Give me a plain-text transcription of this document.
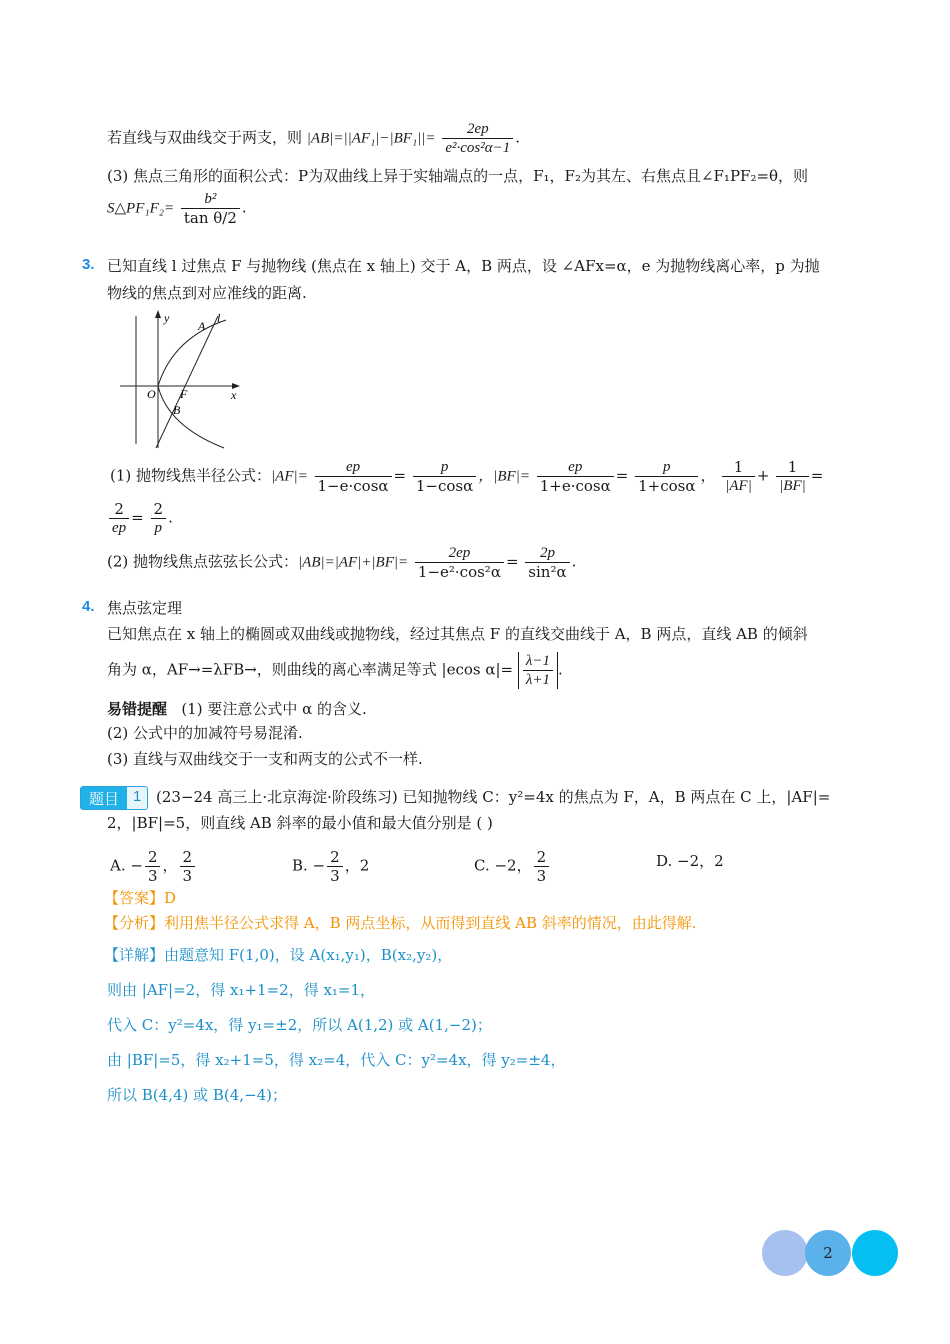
若直线与双曲线交于两支，则 $|AB|=||AF_1|-|BF_1||= \frac{2ep}{\text{e²·cos²α−1}}$ .
(3) 焦点三角形的面积公式：P为双曲线上异于实轴端点的一点，F₁，F₂为其左、右焦点且∠F₁PF₂=θ，则
S△PF₁F₂= $\frac{\text{b²}}{\text{tan θ/2}}$ .
3. 已知直线 l 过焦点 F 与抛物线 (焦点在 x 轴上) 交于 A，B 两点，设 ∠AFx=α，e 为抛物线离心率，p 为抛
物线的焦点到对应准线的距离.
y
x
O F
A
B
l
(1) 抛物线焦半径公式：$|AF|= \frac{ep}{1-e\cdot\cos\alpha} = \frac{p}{1-\cos\alpha}$ ，$|BF|= \frac{ep}{1+e\cdot\cos\alpha} = \frac{p}{1+\cos\alpha}$ ， $\frac{1}{|AF|} + \frac{1}{|BF|}$ =
$\frac{2}{ep} = \frac{2}{p}$ .
(2) 抛物线焦点弦弦长公式：$|AB|=|AF|+|BF|= \frac{2ep}{\text{1−e²·cos²α}} = \frac{2p}{\text{sin²α}}$ .
4. 焦点弦定理
已知焦点在 x 轴上的椭圆或双曲线或抛物线，经过其焦点 F 的直线交曲线于 A，B 两点，直线 AB 的倾斜
角为 α，AF→=λFB→，则曲线的离心率满足等式 |ecos $\alpha|= \frac{\lambda-1}{\lambda+1}$ .
易错提醒 (1) 要注意公式中 α 的含义.
(2) 公式中的加减符号易混淆.
(3) 直线与双曲线交于一支和两支的公式不一样.
题目 1 (23−24 高三上·北京海淀·阶段练习) 已知抛物线 C：y²=4x 的焦点为 F，A，B 两点在 C 上，|AF|=
2，|BF|=5，则直线 AB 斜率的最小值和最大值分别是 ( )
A. − $\frac{2}{3}$ ， $\frac{2}{3}$	B. − $\frac{2}{3}$ ，2	C. −2， $\frac{2}{3}$	D. −2，2
【答案】D
【分析】利用焦半径公式求得 A，B 两点坐标，从而得到直线 AB 斜率的情况，由此得解.
【详解】由题意知 F(1,0)，设 A(x₁,y₁)，B(x₂,y₂)，
则由 |AF|=2，得 x₁+1=2，得 x₁=1，
代入 C：y²=4x，得 y₁=±2，所以 A(1,2) 或 A(1,−2)；
由 |BF|=5，得 x₂+1=5，得 x₂=4，代入 C：y²=4x，得 y₂=±4，
所以 B(4,4) 或 B(4,−4)；
2
